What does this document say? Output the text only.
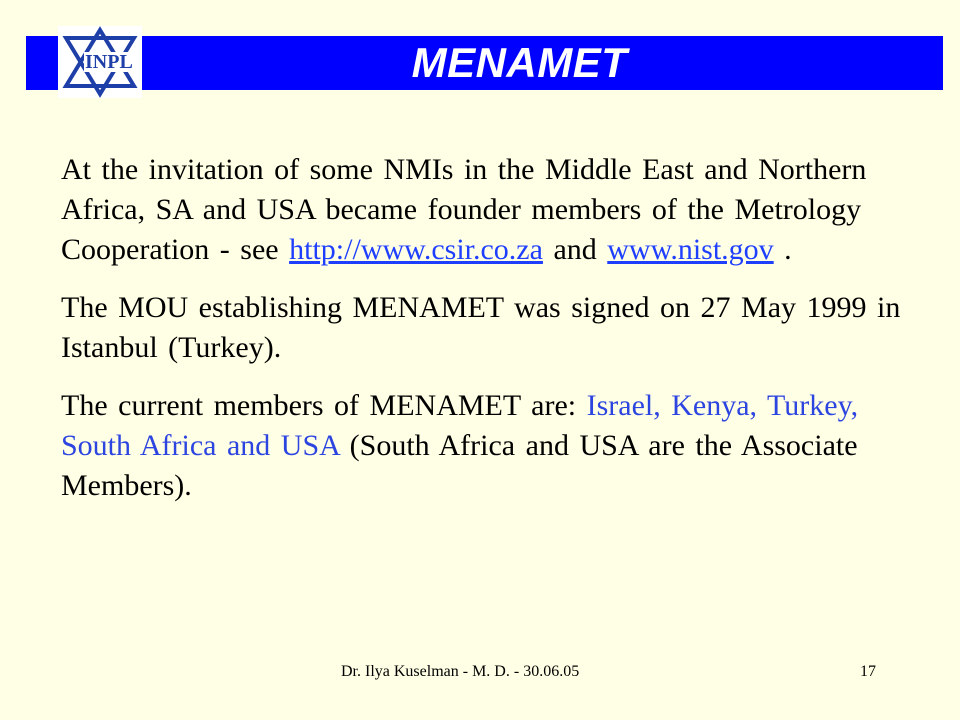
MENAMET
INPL

At the invitation of some NMIs in the Middle East and Northern Africa, SA and USA became founder members of the Metrology Cooperation - see http://www.csir.co.za and www.nist.gov .

The MOU establishing MENAMET was signed on 27 May 1999 in Istanbul (Turkey).

The current members of MENAMET are: Israel, Kenya, Turkey, South Africa and USA (South Africa and USA are the Associate Members).

Dr. Ilya Kuselman - M. D. - 30.06.05	17
